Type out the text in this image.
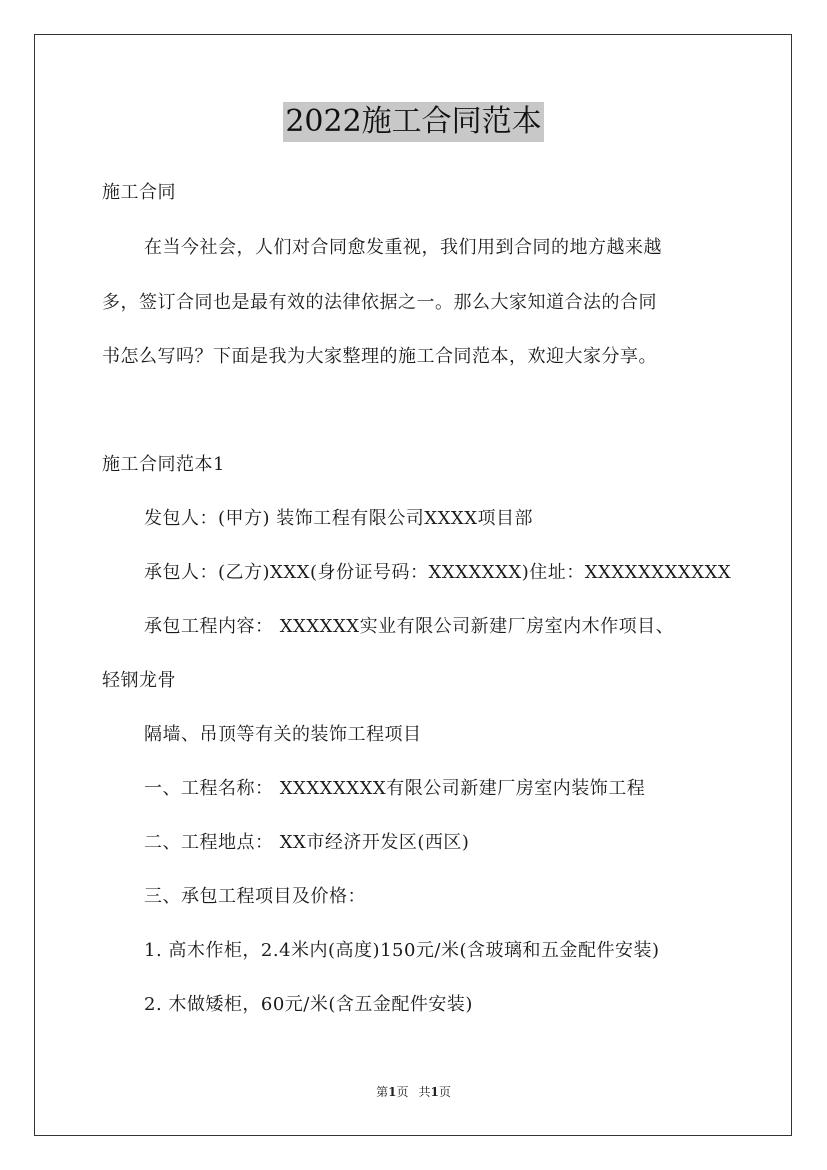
2022施工合同范本
施工合同
在当今社会，人们对合同愈发重视，我们用到合同的地方越来越
多，签订合同也是最有效的法律依据之一。那么大家知道合法的合同
书怎么写吗？下面是我为大家整理的施工合同范本，欢迎大家分享。
施工合同范本1
发包人：(甲方) 装饰工程有限公司XXXX项目部
承包人：(乙方)XXX(身份证号码：XXXXXXX)住址：XXXXXXXXXXX
承包工程内容： XXXXXX实业有限公司新建厂房室内木作项目、
轻钢龙骨
隔墙、吊顶等有关的装饰工程项目
一、工程名称： XXXXXXXX有限公司新建厂房室内装饰工程
二、工程地点： XX市经济开发区(西区)
三、承包工程项目及价格：
1. 高木作柜，2.4米内(高度)150元/米(含玻璃和五金配件安装)
2. 木做矮柜，60元/米(含五金配件安装)
第1页 共1页
